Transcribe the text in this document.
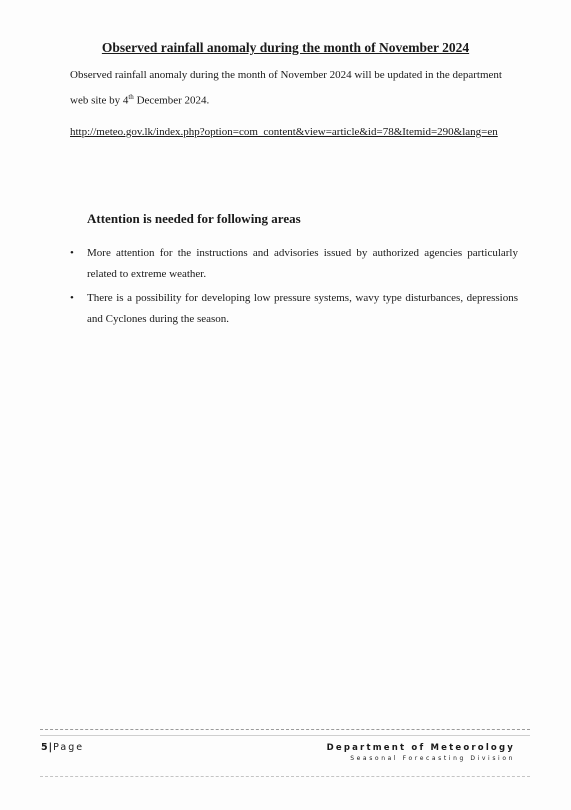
Observed rainfall anomaly during the month of November 2024
Observed rainfall anomaly during the month of November 2024 will be updated in the department web site by 4th December 2024.
http://meteo.gov.lk/index.php?option=com_content&view=article&id=78&Itemid=290&lang=en
Attention is needed for following areas
• More attention for the instructions and advisories issued by authorized agencies particularly related to extreme weather.
• There is a possibility for developing low pressure systems, wavy type disturbances, depressions and Cyclones during the season.
5|Page	Department of Meteorology
Seasonal Forecasting Division
